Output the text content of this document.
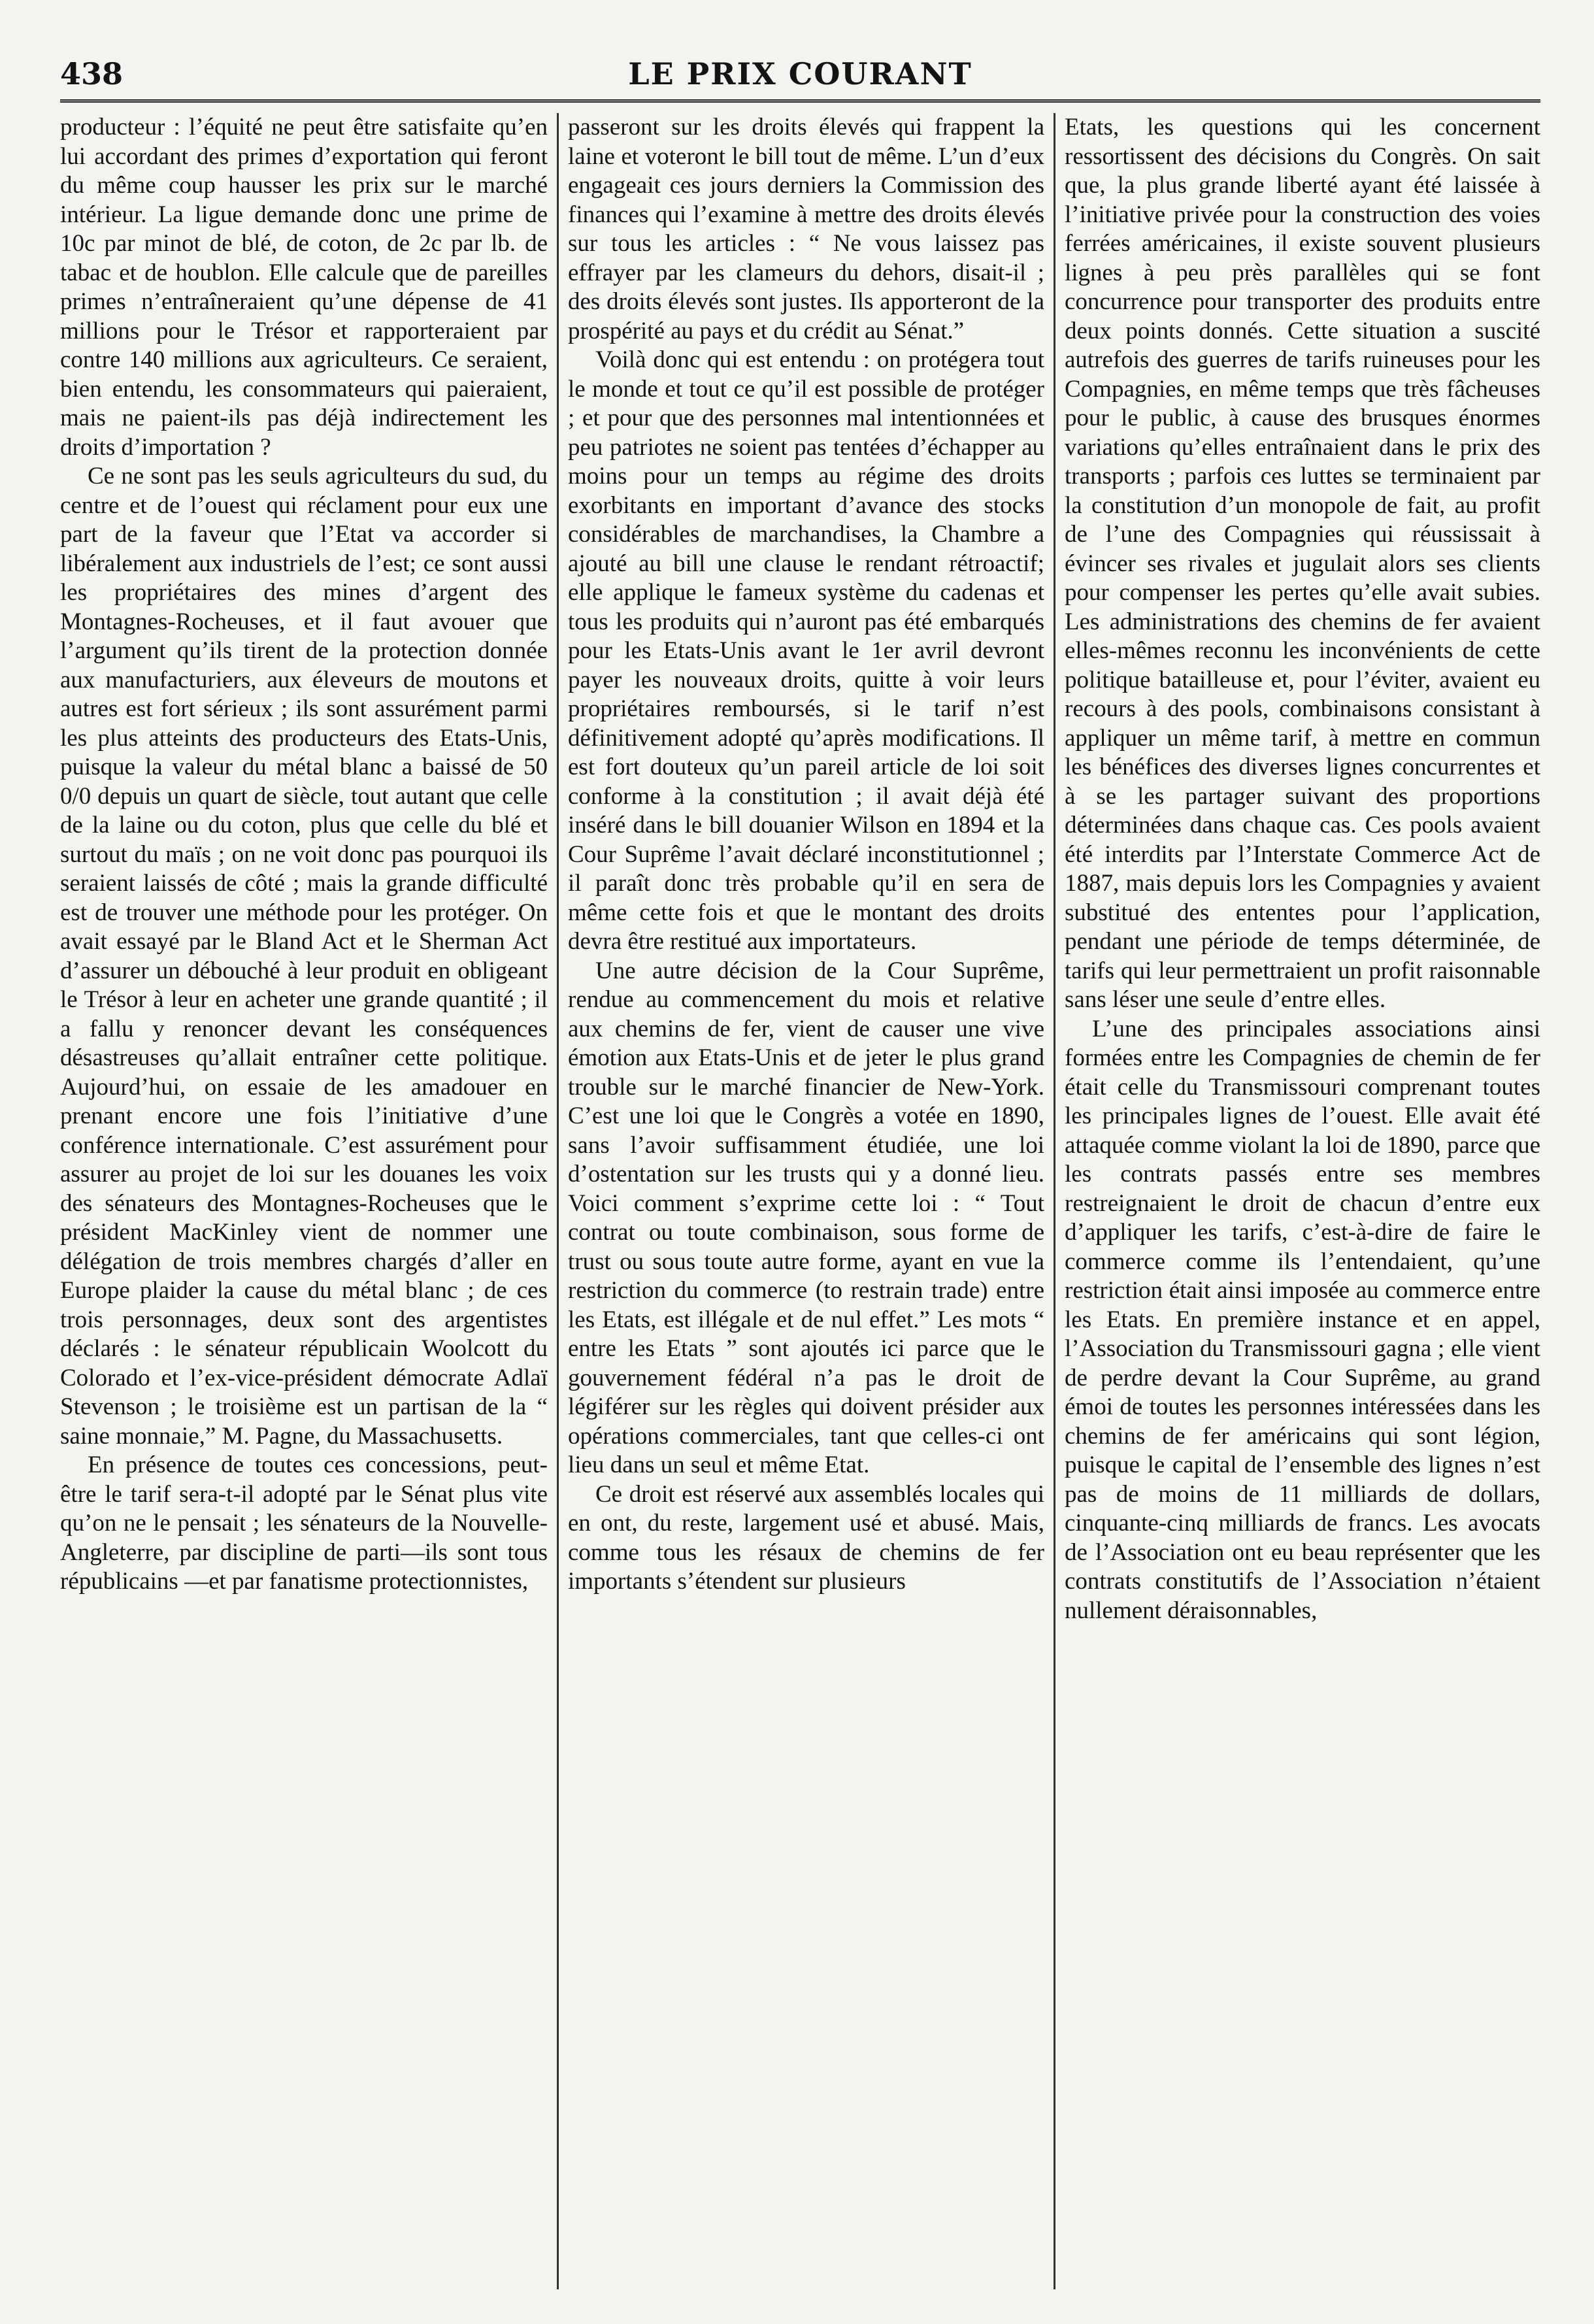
438	LE PRIX COURANT

producteur : l’équité ne peut être satisfaite qu’en lui accordant des primes d’exportation qui feront du même coup hausser les prix sur le marché intérieur. La ligue demande donc une prime de 10c par minot de blé, de coton, de 2c par lb. de tabac et de houblon. Elle calcule que de pareilles primes n’entraîneraient qu’une dépense de 41 millions pour le Trésor et rapporteraient par contre 140 millions aux agriculteurs. Ce seraient, bien entendu, les consommateurs qui paieraient, mais ne paient-ils pas déjà indirectement les droits d’importation ?

Ce ne sont pas les seuls agriculteurs du sud, du centre et de l’ouest qui réclament pour eux une part de la faveur que l’Etat va accorder si libéralement aux industriels de l’est; ce sont aussi les propriétaires des mines d’argent des Montagnes-Rocheuses, et il faut avouer que l’argument qu’ils tirent de la protection donnée aux manufacturiers, aux éleveurs de moutons et autres est fort sérieux ; ils sont assurément parmi les plus atteints des producteurs des Etats-Unis, puisque la valeur du métal blanc a baissé de 50 0/0 depuis un quart de siècle, tout autant que celle de la laine ou du coton, plus que celle du blé et surtout du maïs ; on ne voit donc pas pourquoi ils seraient laissés de côté ; mais la grande difficulté est de trouver une méthode pour les protéger. On avait essayé par le Bland Act et le Sherman Act d’assurer un débouché à leur produit en obligeant le Trésor à leur en acheter une grande quantité ; il a fallu y renoncer devant les conséquences désastreuses qu’allait entraîner cette politique. Aujourd’hui, on essaie de les amadouer en prenant encore une fois l’initiative d’une conférence internationale. C’est assurément pour assurer au projet de loi sur les douanes les voix des sénateurs des Montagnes-Rocheuses que le président MacKinley vient de nommer une délégation de trois membres chargés d’aller en Europe plaider la cause du métal blanc ; de ces trois personnages, deux sont des argentistes déclarés : le sénateur républicain Woolcott du Colorado et l’ex-vice-président démocrate Adlaï Stevenson ; le troisième est un partisan de la “ saine monnaie,” M. Pagne, du Massachusetts.

En présence de toutes ces concessions, peut-être le tarif sera-t-il adopté par le Sénat plus vite qu’on ne le pensait ; les sénateurs de la Nouvelle-Angleterre, par discipline de parti—ils sont tous républicains —et par fanatisme protectionnistes,

passeront sur les droits élevés qui frappent la laine et voteront le bill tout de même. L’un d’eux engageait ces jours derniers la Commission des finances qui l’examine à mettre des droits élevés sur tous les articles : “ Ne vous laissez pas effrayer par les clameurs du dehors, disait-il ; des droits élevés sont justes. Ils apporteront de la prospérité au pays et du crédit au Sénat.”

Voilà donc qui est entendu : on protégera tout le monde et tout ce qu’il est possible de protéger ; et pour que des personnes mal intentionnées et peu patriotes ne soient pas tentées d’échapper au moins pour un temps au régime des droits exorbitants en important d’avance des stocks considérables de marchandises, la Chambre a ajouté au bill une clause le rendant rétroactif; elle applique le fameux système du cadenas et tous les produits qui n’auront pas été embarqués pour les Etats-Unis avant le 1er avril devront payer les nouveaux droits, quitte à voir leurs propriétaires remboursés, si le tarif n’est définitivement adopté qu’après modifications. Il est fort douteux qu’un pareil article de loi soit conforme à la constitution ; il avait déjà été inséré dans le bill douanier Wilson en 1894 et la Cour Suprême l’avait déclaré inconstitutionnel ; il paraît donc très probable qu’il en sera de même cette fois et que le montant des droits devra être restitué aux importateurs.

Une autre décision de la Cour Suprême, rendue au commencement du mois et relative aux chemins de fer, vient de causer une vive émotion aux Etats-Unis et de jeter le plus grand trouble sur le marché financier de New-York. C’est une loi que le Congrès a votée en 1890, sans l’avoir suffisamment étudiée, une loi d’ostentation sur les trusts qui y a donné lieu. Voici comment s’exprime cette loi : “ Tout contrat ou toute combinaison, sous forme de trust ou sous toute autre forme, ayant en vue la restriction du commerce (to restrain trade) entre les Etats, est illégale et de nul effet.” Les mots “ entre les Etats ” sont ajoutés ici parce que le gouvernement fédéral n’a pas le droit de légiférer sur les règles qui doivent présider aux opérations commerciales, tant que celles-ci ont lieu dans un seul et même Etat.

Ce droit est réservé aux assemblés locales qui en ont, du reste, largement usé et abusé. Mais, comme tous les résaux de chemins de fer importants s’étendent sur plusieurs

Etats, les questions qui les concernent ressortissent des décisions du Congrès. On sait que, la plus grande liberté ayant été laissée à l’initiative privée pour la construction des voies ferrées américaines, il existe souvent plusieurs lignes à peu près parallèles qui se font concurrence pour transporter des produits entre deux points donnés. Cette situation a suscité autrefois des guerres de tarifs ruineuses pour les Compagnies, en même temps que très fâcheuses pour le public, à cause des brusques énormes variations qu’elles entraînaient dans le prix des transports ; parfois ces luttes se terminaient par la constitution d’un monopole de fait, au profit de l’une des Compagnies qui réussissait à évincer ses rivales et jugulait alors ses clients pour compenser les pertes qu’elle avait subies. Les administrations des chemins de fer avaient elles-mêmes reconnu les inconvénients de cette politique batailleuse et, pour l’éviter, avaient eu recours à des pools, combinaisons consistant à appliquer un même tarif, à mettre en commun les bénéfices des diverses lignes concurrentes et à se les partager suivant des proportions déterminées dans chaque cas. Ces pools avaient été interdits par l’Interstate Commerce Act de 1887, mais depuis lors les Compagnies y avaient substitué des ententes pour l’application, pendant une période de temps déterminée, de tarifs qui leur permettraient un profit raisonnable sans léser une seule d’entre elles.

L’une des principales associations ainsi formées entre les Compagnies de chemin de fer était celle du Transmissouri comprenant toutes les principales lignes de l’ouest. Elle avait été attaquée comme violant la loi de 1890, parce que les contrats passés entre ses membres restreignaient le droit de chacun d’entre eux d’appliquer les tarifs, c’est-à-dire de faire le commerce comme ils l’entendaient, qu’une restriction était ainsi imposée au commerce entre les Etats. En première instance et en appel, l’Association du Transmissouri gagna ; elle vient de perdre devant la Cour Suprême, au grand émoi de toutes les personnes intéressées dans les chemins de fer américains qui sont légion, puisque le capital de l’ensemble des lignes n’est pas de moins de 11 milliards de dollars, cinquante-cinq milliards de francs. Les avocats de l’Association ont eu beau représenter que les contrats constitutifs de l’Association n’étaient nullement déraisonnables,
